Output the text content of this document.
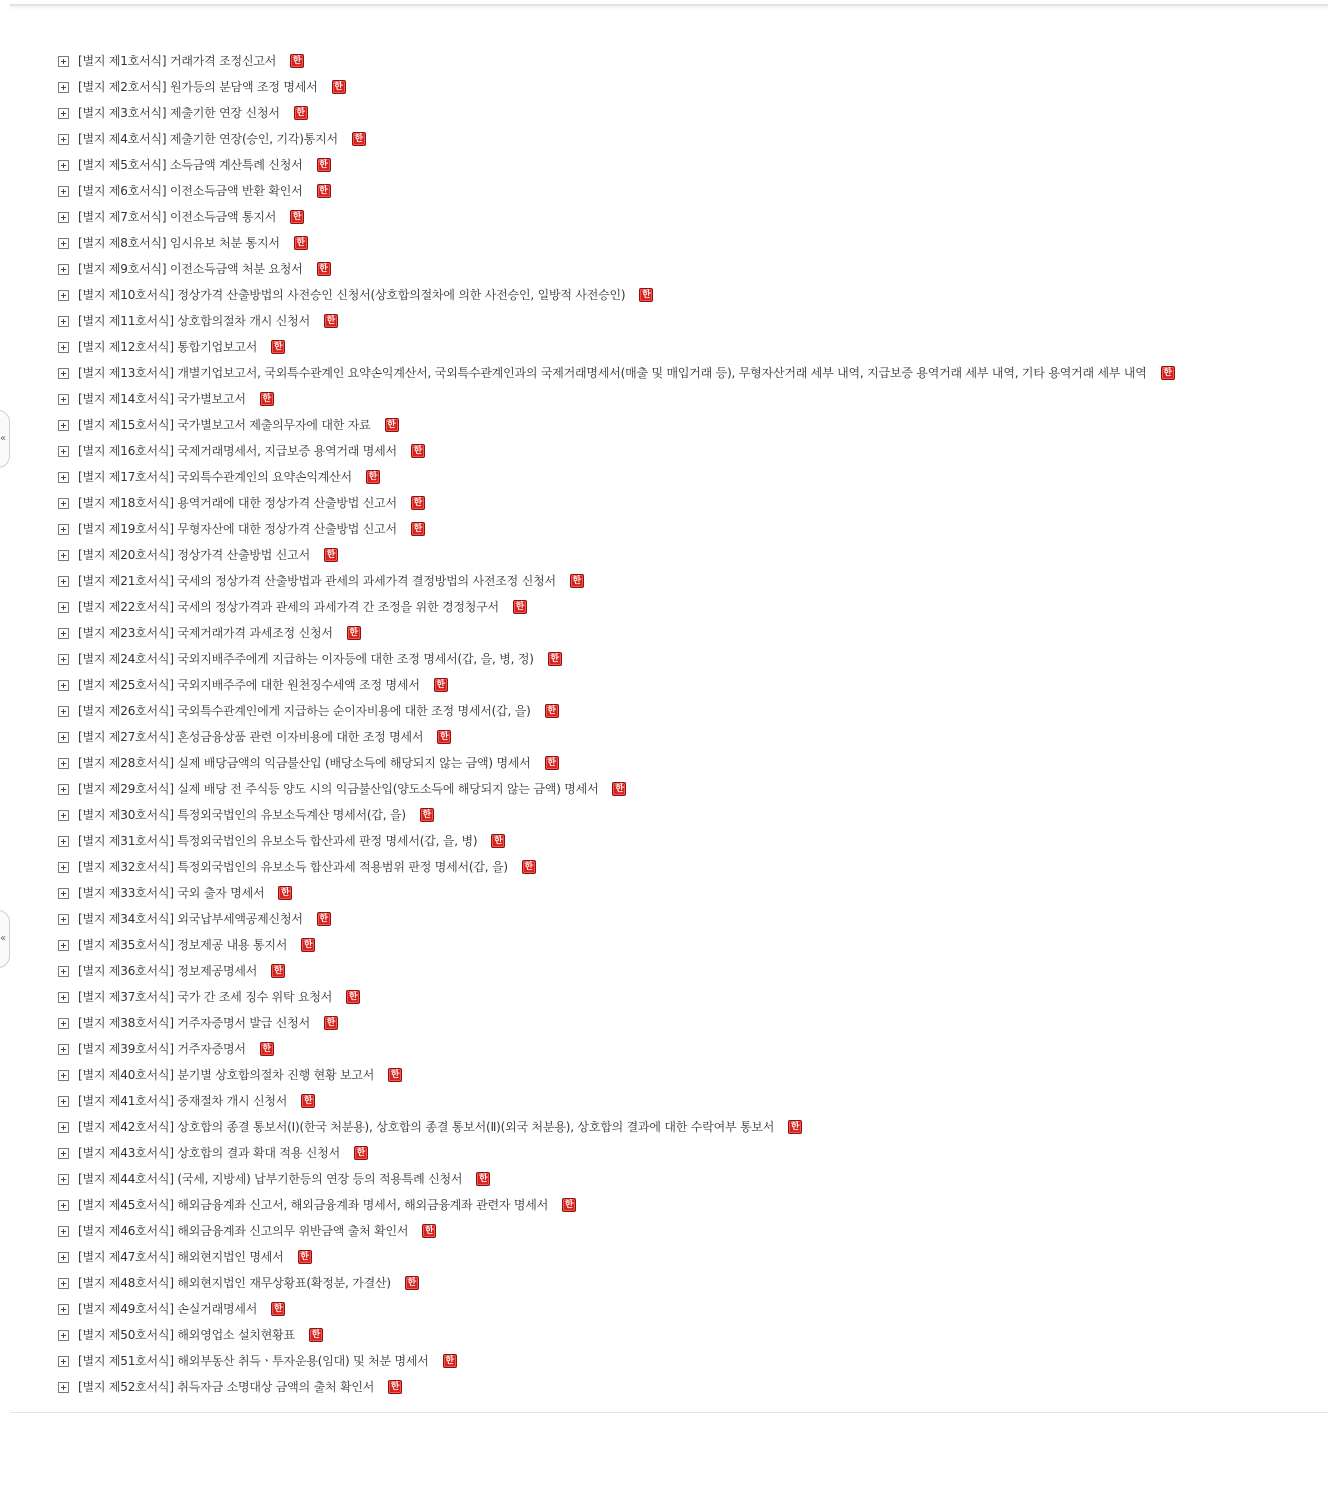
«
«
[별지 제1호서식] 거래가격 조정신고서 한
[별지 제2호서식] 원가등의 분담액 조정 명세서 한
[별지 제3호서식] 제출기한 연장 신청서 한
[별지 제4호서식] 제출기한 연장(승인, 기각)통지서 한
[별지 제5호서식] 소득금액 계산특례 신청서 한
[별지 제6호서식] 이전소득금액 반환 확인서 한
[별지 제7호서식] 이전소득금액 통지서 한
[별지 제8호서식] 임시유보 처분 통지서 한
[별지 제9호서식] 이전소득금액 처분 요청서 한
[별지 제10호서식] 정상가격 산출방법의 사전승인 신청서(상호합의절차에 의한 사전승인, 일방적 사전승인) 한
[별지 제11호서식] 상호합의절차 개시 신청서 한
[별지 제12호서식] 통합기업보고서 한
[별지 제13호서식] 개별기업보고서, 국외특수관계인 요약손익계산서, 국외특수관계인과의 국제거래명세서(매출 및 매입거래 등), 무형자산거래 세부 내역, 지급보증 용역거래 세부 내역, 기타 용역거래 세부 내역 한
[별지 제14호서식] 국가별보고서 한
[별지 제15호서식] 국가별보고서 제출의무자에 대한 자료 한
[별지 제16호서식] 국제거래명세서, 지급보증 용역거래 명세서 한
[별지 제17호서식] 국외특수관계인의 요약손익계산서 한
[별지 제18호서식] 용역거래에 대한 정상가격 산출방법 신고서 한
[별지 제19호서식] 무형자산에 대한 정상가격 산출방법 신고서 한
[별지 제20호서식] 정상가격 산출방법 신고서 한
[별지 제21호서식] 국세의 정상가격 산출방법과 관세의 과세가격 결정방법의 사전조정 신청서 한
[별지 제22호서식] 국세의 정상가격과 관세의 과세가격 간 조정을 위한 경정청구서 한
[별지 제23호서식] 국제거래가격 과세조정 신청서 한
[별지 제24호서식] 국외지배주주에게 지급하는 이자등에 대한 조정 명세서(갑, 을, 병, 정) 한
[별지 제25호서식] 국외지배주주에 대한 원천징수세액 조정 명세서 한
[별지 제26호서식] 국외특수관계인에게 지급하는 순이자비용에 대한 조정 명세서(갑, 을) 한
[별지 제27호서식] 혼성금융상품 관련 이자비용에 대한 조정 명세서 한
[별지 제28호서식] 실제 배당금액의 익금불산입 (배당소득에 해당되지 않는 금액) 명세서 한
[별지 제29호서식] 실제 배당 전 주식등 양도 시의 익금불산입(양도소득에 해당되지 않는 금액) 명세서 한
[별지 제30호서식] 특정외국법인의 유보소득계산 명세서(갑, 을) 한
[별지 제31호서식] 특정외국법인의 유보소득 합산과세 판정 명세서(갑, 을, 병) 한
[별지 제32호서식] 특정외국법인의 유보소득 합산과세 적용범위 판정 명세서(갑, 을) 한
[별지 제33호서식] 국외 출자 명세서 한
[별지 제34호서식] 외국납부세액공제신청서 한
[별지 제35호서식] 정보제공 내용 통지서 한
[별지 제36호서식] 정보제공명세서 한
[별지 제37호서식] 국가 간 조세 징수 위탁 요청서 한
[별지 제38호서식] 거주자증명서 발급 신청서 한
[별지 제39호서식] 거주자증명서 한
[별지 제40호서식] 분기별 상호합의절차 진행 현황 보고서 한
[별지 제41호서식] 중재절차 개시 신청서 한
[별지 제42호서식] 상호합의 종결 통보서(Ⅰ)(한국 처분용), 상호합의 종결 통보서(Ⅱ)(외국 처분용), 상호합의 결과에 대한 수락여부 통보서 한
[별지 제43호서식] 상호합의 결과 확대 적용 신청서 한
[별지 제44호서식] (국세, 지방세) 납부기한등의 연장 등의 적용특례 신청서 한
[별지 제45호서식] 해외금융계좌 신고서, 해외금융계좌 명세서, 해외금융계좌 관련자 명세서 한
[별지 제46호서식] 해외금융계좌 신고의무 위반금액 출처 확인서 한
[별지 제47호서식] 해외현지법인 명세서 한
[별지 제48호서식] 해외현지법인 재무상황표(확정분, 가결산) 한
[별지 제49호서식] 손실거래명세서 한
[별지 제50호서식] 해외영업소 설치현황표 한
[별지 제51호서식] 해외부동산 취득ㆍ투자운용(임대) 및 처분 명세서 한
[별지 제52호서식] 취득자금 소명대상 금액의 출처 확인서 한
